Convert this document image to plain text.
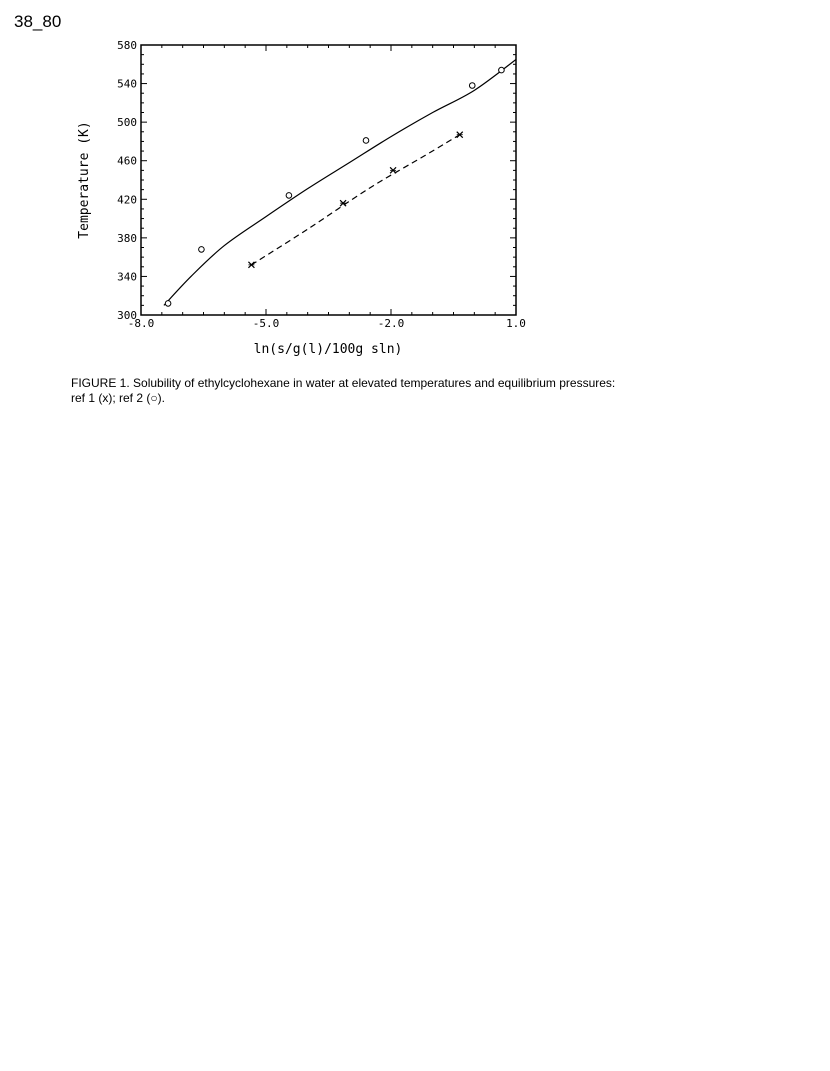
38_80
300
340
380
420
460
500
540
580
-8.0	-5.0	-2.0	1.0
ln(s/g(l)/100g sln)
Temperature (K)
FIGURE 1. Solubility of ethylcyclohexane in water at elevated temperatures and equilibrium pressures: ref 1 (x); ref 2 (○).
